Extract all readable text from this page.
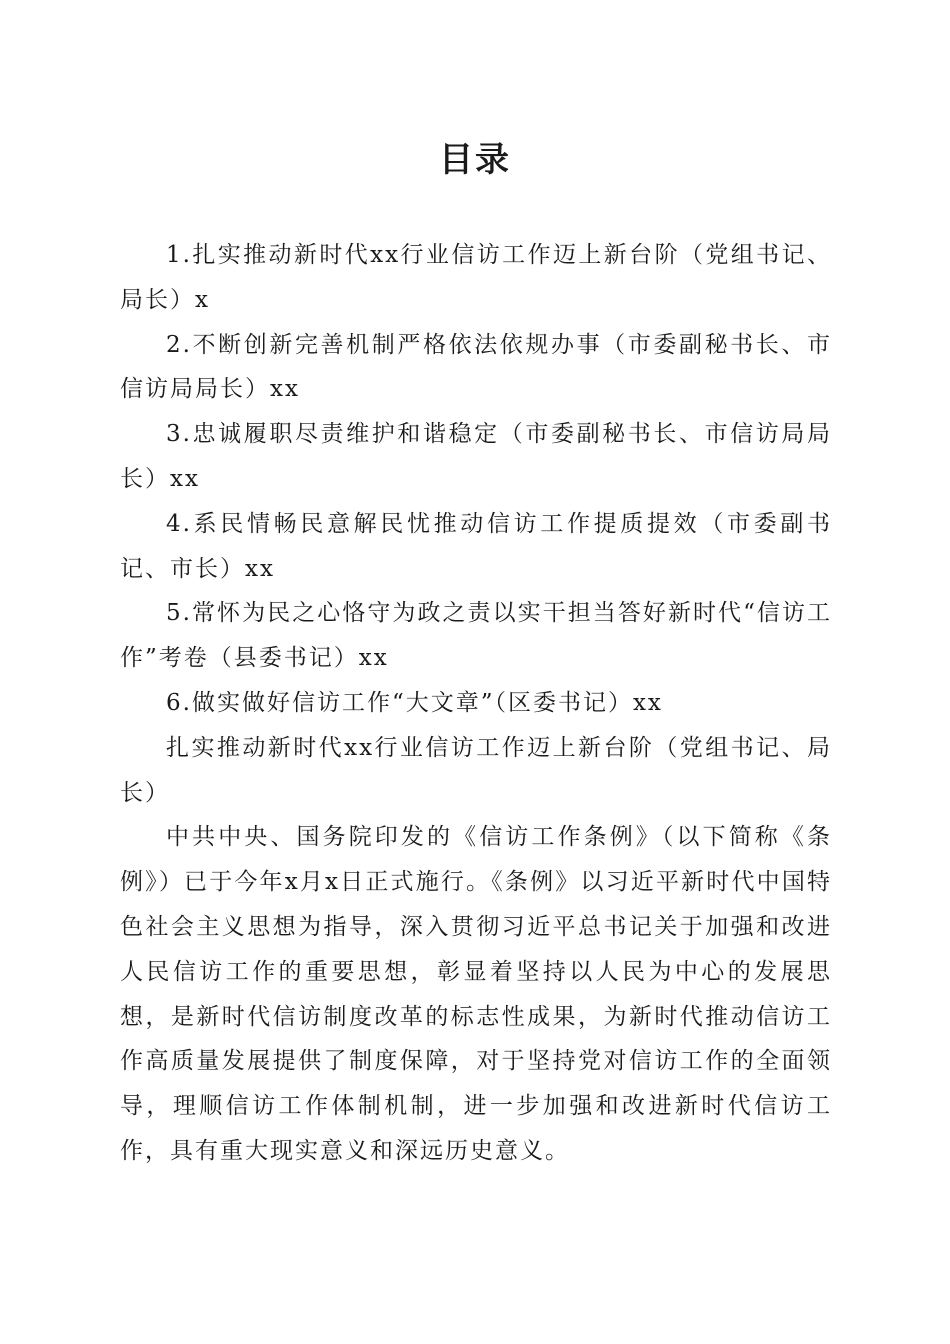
目录

1.扎实推动新时代xx行业信访工作迈上新台阶（党组书记、局长）x

2.不断创新完善机制严格依法依规办事（市委副秘书长、市信访局局长）xx

3.忠诚履职尽责维护和谐稳定（市委副秘书长、市信访局局长）xx

4.系民情畅民意解民忧推动信访工作提质提效（市委副书记、市长）xx

5.常怀为民之心恪守为政之责以实干担当答好新时代“信访工作”考卷（县委书记）xx

6.做实做好信访工作“大文章”（区委书记）xx

扎实推动新时代xx行业信访工作迈上新台阶（党组书记、局长）

中共中央、国务院印发的《信访工作条例》（以下简称《条例》）已于今年x月x日正式施行。《条例》以习近平新时代中国特色社会主义思想为指导，深入贯彻习近平总书记关于加强和改进人民信访工作的重要思想，彰显着坚持以人民为中心的发展思想，是新时代信访制度改革的标志性成果，为新时代推动信访工作高质量发展提供了制度保障，对于坚持党对信访工作的全面领导，理顺信访工作体制机制，进一步加强和改进新时代信访工作，具有重大现实意义和深远历史意义。
